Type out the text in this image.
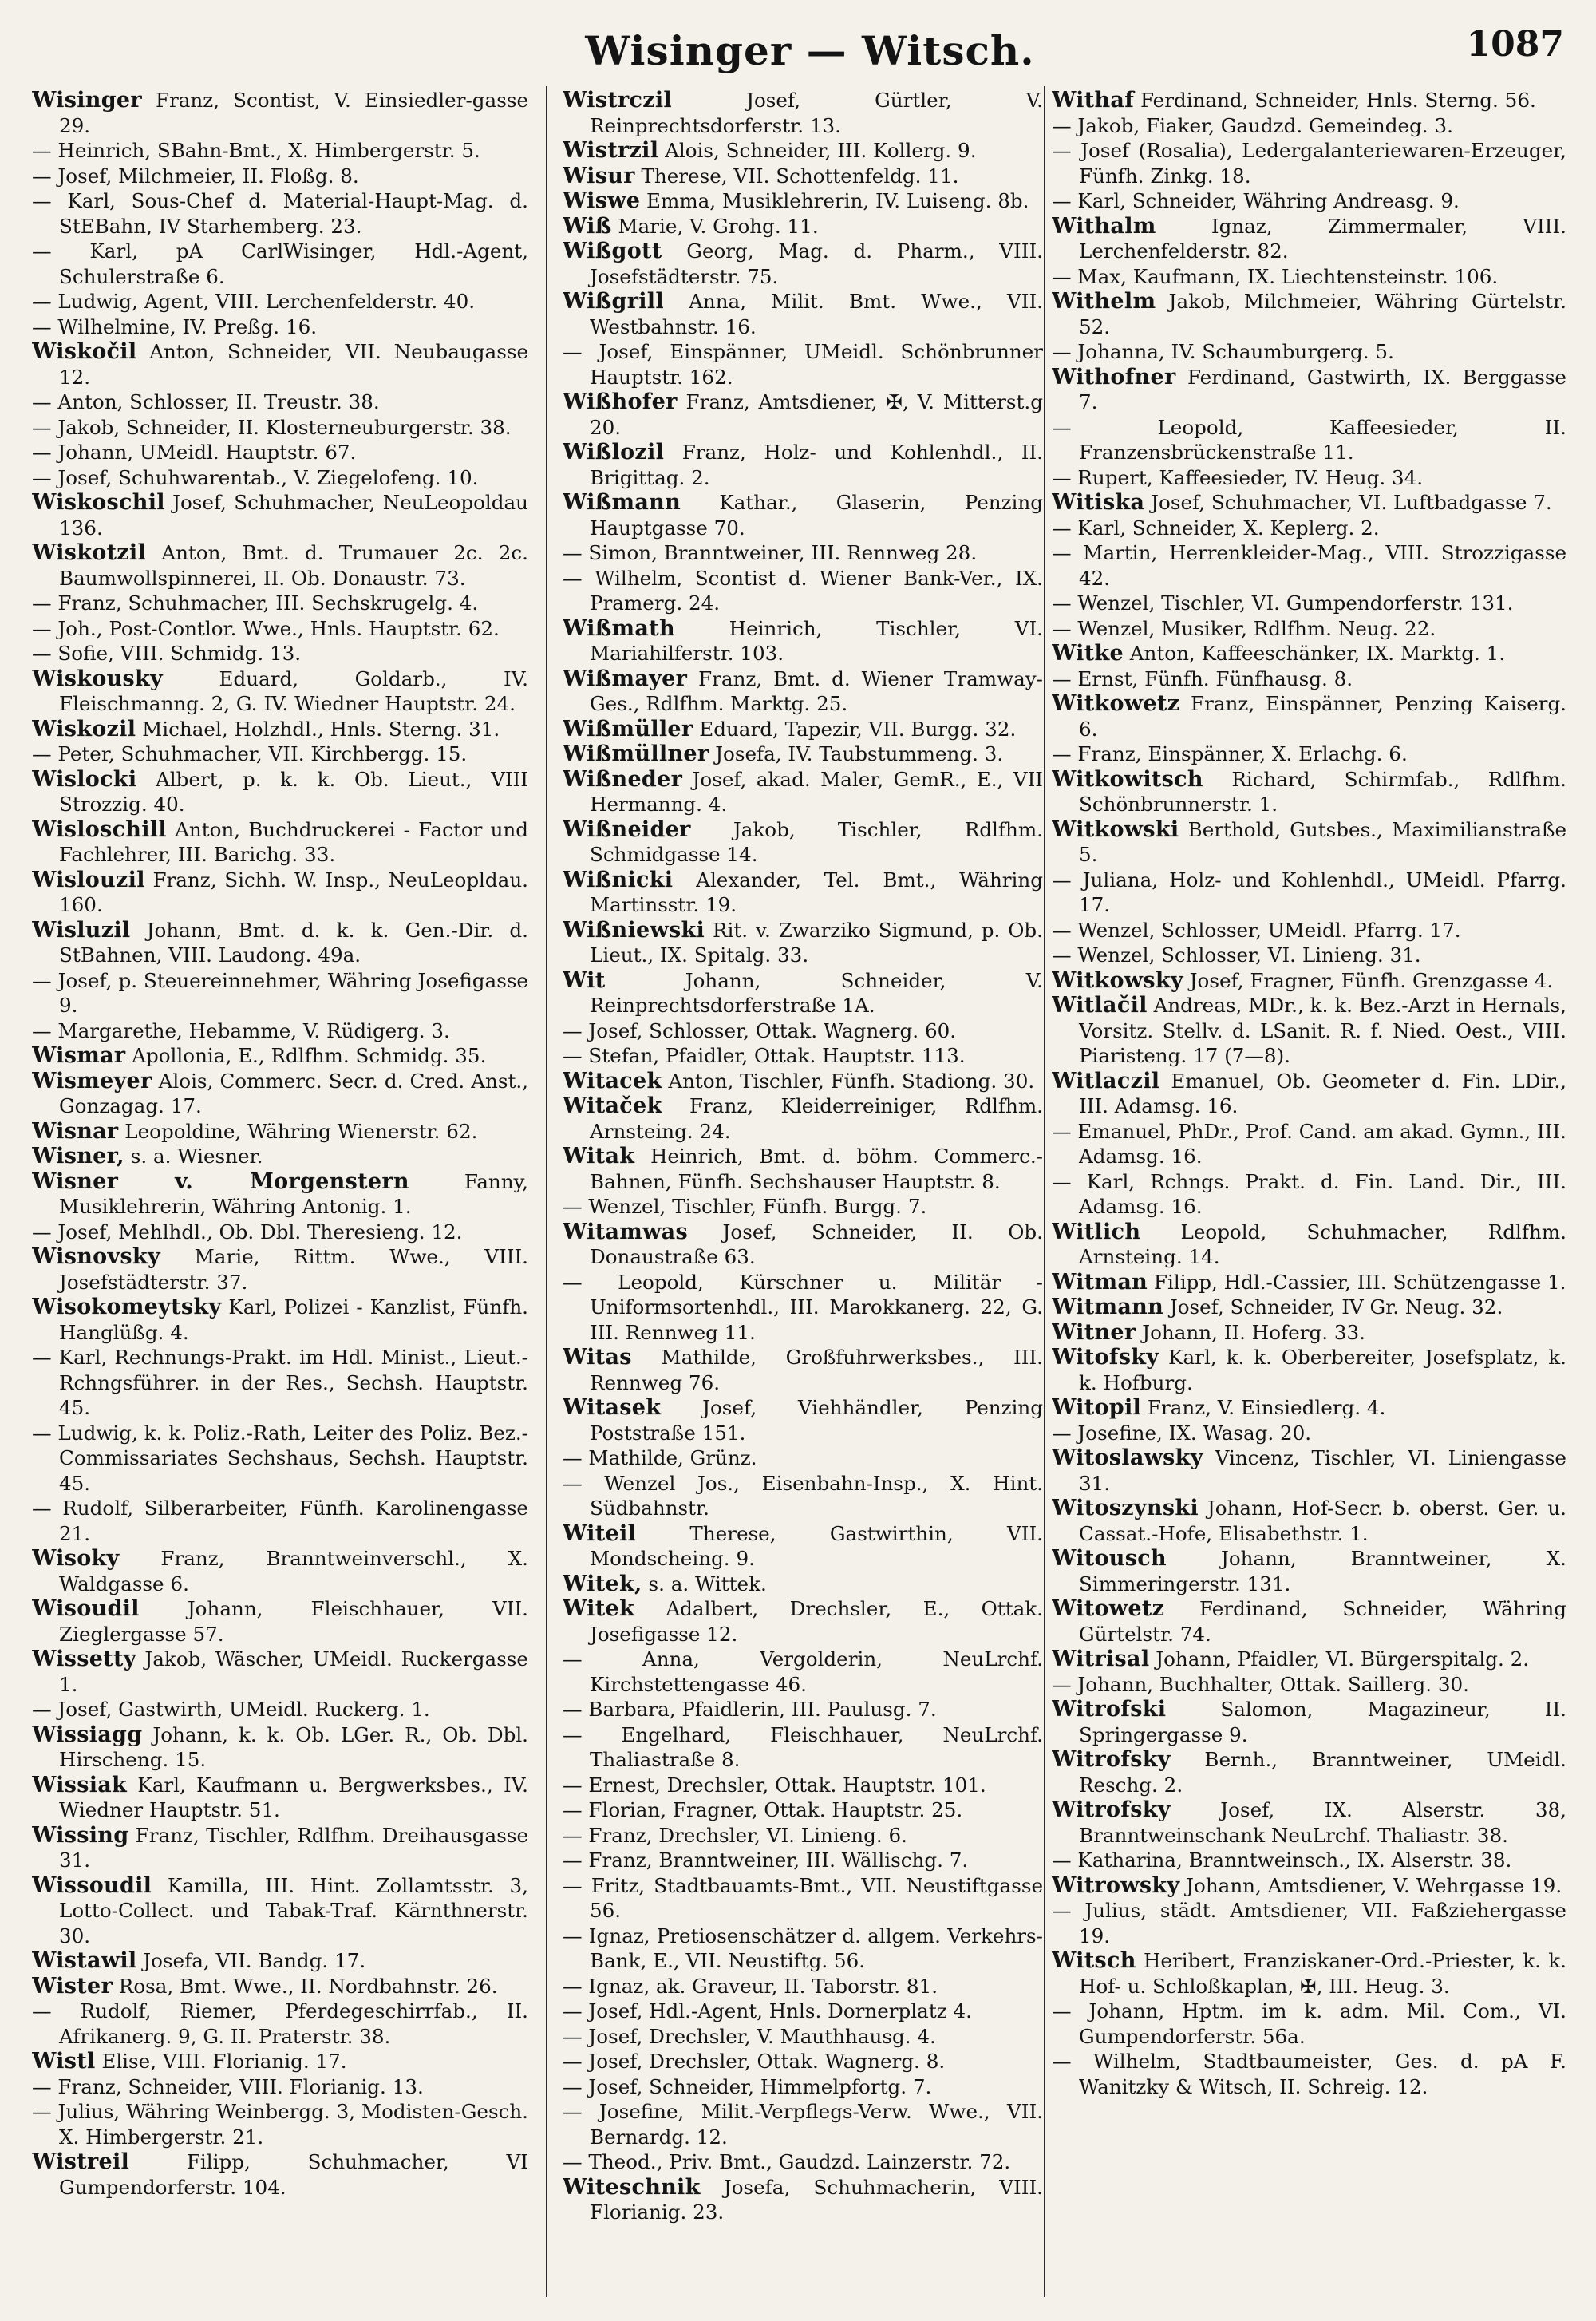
Wisinger — Witsch.	1087

Wisinger Franz, Scontist, V. Einsiedler-gasse 29.

— Heinrich, SBahn-Bmt., X. Himbergerstr. 5.

— Josef, Milchmeier, II. Floßg. 8.

— Karl, Sous-Chef d. Material-Haupt-Mag. d. StEBahn, IV Starhemberg. 23.

— Karl, pA CarlWisinger, Hdl.-Agent, Schulerstraße 6.

— Ludwig, Agent, VIII. Lerchenfelderstr. 40.

— Wilhelmine, IV. Preßg. 16.

Wiskočil Anton, Schneider, VII. Neubaugasse 12.

— Anton, Schlosser, II. Treustr. 38.

— Jakob, Schneider, II. Klosterneuburgerstr. 38.

— Johann, UMeidl. Hauptstr. 67.

— Josef, Schuhwarentab., V. Ziegelofeng. 10.

Wiskoschil Josef, Schuhmacher, NeuLeopoldau 136.

Wiskotzil Anton, Bmt. d. Trumauer 2c. 2c. Baumwollspinnerei, II. Ob. Donaustr. 73.

— Franz, Schuhmacher, III. Sechskrugelg. 4.

— Joh., Post-Contlor. Wwe., Hnls. Hauptstr. 62.

— Sofie, VIII. Schmidg. 13.

Wiskousky Eduard, Goldarb., IV. Fleischmanng. 2, G. IV. Wiedner Hauptstr. 24.

Wiskozil Michael, Holzhdl., Hnls. Sterng. 31.

— Peter, Schuhmacher, VII. Kirchbergg. 15.

Wislocki Albert, p. k. k. Ob. Lieut., VIII Strozzig. 40.

Wisloschill Anton, Buchdruckerei - Factor und Fachlehrer, III. Barichg. 33.

Wislouzil Franz, Sichh. W. Insp., NeuLeopldau. 160.

Wisluzil Johann, Bmt. d. k. k. Gen.-Dir. d. StBahnen, VIII. Laudong. 49a.

— Josef, p. Steuereinnehmer, Währing Josefigasse 9.

— Margarethe, Hebamme, V. Rüdigerg. 3.

Wismar Apollonia, E., Rdlfhm. Schmidg. 35.

Wismeyer Alois, Commerc. Secr. d. Cred. Anst., Gonzagag. 17.

Wisnar Leopoldine, Währing Wienerstr. 62.

Wisner, s. a. Wiesner.

Wisner v. Morgenstern Fanny, Musiklehrerin, Währing Antonig. 1.

— Josef, Mehlhdl., Ob. Dbl. Theresieng. 12.

Wisnovsky Marie, Rittm. Wwe., VIII. Josefstädterstr. 37.

Wisokomeytsky Karl, Polizei - Kanzlist, Fünfh. Hanglüßg. 4.

— Karl, Rechnungs-Prakt. im Hdl. Minist., Lieut.-Rchngsführer. in der Res., Sechsh. Hauptstr. 45.

— Ludwig, k. k. Poliz.-Rath, Leiter des Poliz. Bez.-Commissariates Sechshaus, Sechsh. Hauptstr. 45.

— Rudolf, Silberarbeiter, Fünfh. Karolinengasse 21.

Wisoky Franz, Branntweinverschl., X. Waldgasse 6.

Wisoudil Johann, Fleischhauer, VII. Zieglergasse 57.

Wissetty Jakob, Wäscher, UMeidl. Ruckergasse 1.

— Josef, Gastwirth, UMeidl. Ruckerg. 1.

Wissiagg Johann, k. k. Ob. LGer. R., Ob. Dbl. Hirscheng. 15.

Wissiak Karl, Kaufmann u. Bergwerksbes., IV. Wiedner Hauptstr. 51.

Wissing Franz, Tischler, Rdlfhm. Dreihausgasse 31.

Wissoudil Kamilla, III. Hint. Zollamtsstr. 3, Lotto-Collect. und Tabak-Traf. Kärnthnerstr. 30.

Wistawil Josefa, VII. Bandg. 17.

Wister Rosa, Bmt. Wwe., II. Nordbahnstr. 26.

— Rudolf, Riemer, Pferdegeschirrfab., II. Afrikanerg. 9, G. II. Praterstr. 38.

Wistl Elise, VIII. Florianig. 17.

— Franz, Schneider, VIII. Florianig. 13.

— Julius, Währing Weinbergg. 3, Modisten-Gesch. X. Himbergerstr. 21.

Wistreil Filipp, Schuhmacher, VI Gumpendorferstr. 104.

Wistrczil Josef, Gürtler, V. Reinprechtsdorferstr. 13.

Wistrzil Alois, Schneider, III. Kollerg. 9.

Wisur Therese, VII. Schottenfeldg. 11.

Wiswe Emma, Musiklehrerin, IV. Luiseng. 8b.

Wiß Marie, V. Grohg. 11.

Wißgott Georg, Mag. d. Pharm., VIII. Josefstädterstr. 75.

Wißgrill Anna, Milit. Bmt. Wwe., VII. Westbahnstr. 16.

— Josef, Einspänner, UMeidl. Schönbrunner Hauptstr. 162.

Wißhofer Franz, Amtsdiener, ✠, V. Mitterst.g 20.

Wißlozil Franz, Holz- und Kohlenhdl., II. Brigittag. 2.

Wißmann Kathar., Glaserin, Penzing Hauptgasse 70.

— Simon, Branntweiner, III. Rennweg 28.

— Wilhelm, Scontist d. Wiener Bank-Ver., IX. Pramerg. 24.

Wißmath Heinrich, Tischler, VI. Mariahilferstr. 103.

Wißmayer Franz, Bmt. d. Wiener Tramway-Ges., Rdlfhm. Marktg. 25.

Wißmüller Eduard, Tapezir, VII. Burgg. 32.

Wißmüllner Josefa, IV. Taubstummeng. 3.

Wißneder Josef, akad. Maler, GemR., E., VII Hermanng. 4.

Wißneider Jakob, Tischler, Rdlfhm. Schmidgasse 14.

Wißnicki Alexander, Tel. Bmt., Währing Martinsstr. 19.

Wißniewski Rit. v. Zwarziko Sigmund, p. Ob. Lieut., IX. Spitalg. 33.

Wit Johann, Schneider, V. Reinprechtsdorferstraße 1A.

— Josef, Schlosser, Ottak. Wagnerg. 60.

— Stefan, Pfaidler, Ottak. Hauptstr. 113.

Witacek Anton, Tischler, Fünfh. Stadiong. 30.

Witaček Franz, Kleiderreiniger, Rdlfhm. Arnsteing. 24.

Witak Heinrich, Bmt. d. böhm. Commerc.-Bahnen, Fünfh. Sechshauser Hauptstr. 8.

— Wenzel, Tischler, Fünfh. Burgg. 7.

Witamwas Josef, Schneider, II. Ob. Donaustraße 63.

— Leopold, Kürschner u. Militär - Uniformsortenhdl., III. Marokkanerg. 22, G. III. Rennweg 11.

Witas Mathilde, Großfuhrwerksbes., III. Rennweg 76.

Witasek Josef, Viehhändler, Penzing Poststraße 151.

— Mathilde, Grünz.

— Wenzel Jos., Eisenbahn-Insp., X. Hint. Südbahnstr.

Witeil Therese, Gastwirthin, VII. Mondscheing. 9.

Witek, s. a. Wittek.

Witek Adalbert, Drechsler, E., Ottak. Josefigasse 12.

— Anna, Vergolderin, NeuLrchf. Kirchstettengasse 46.

— Barbara, Pfaidlerin, III. Paulusg. 7.

— Engelhard, Fleischhauer, NeuLrchf. Thaliastraße 8.

— Ernest, Drechsler, Ottak. Hauptstr. 101.

— Florian, Fragner, Ottak. Hauptstr. 25.

— Franz, Drechsler, VI. Linieng. 6.

— Franz, Branntweiner, III. Wällischg. 7.

— Fritz, Stadtbauamts-Bmt., VII. Neustiftgasse 56.

— Ignaz, Pretiosenschätzer d. allgem. Verkehrs-Bank, E., VII. Neustiftg. 56.

— Ignaz, ak. Graveur, II. Taborstr. 81.

— Josef, Hdl.-Agent, Hnls. Dornerplatz 4.

— Josef, Drechsler, V. Mauthhausg. 4.

— Josef, Drechsler, Ottak. Wagnerg. 8.

— Josef, Schneider, Himmelpfortg. 7.

— Josefine, Milit.-Verpflegs-Verw. Wwe., VII. Bernardg. 12.

— Theod., Priv. Bmt., Gaudzd. Lainzerstr. 72.

Witeschnik Josefa, Schuhmacherin, VIII. Florianig. 23.

Withaf Ferdinand, Schneider, Hnls. Sterng. 56.

— Jakob, Fiaker, Gaudzd. Gemeindeg. 3.

— Josef (Rosalia), Ledergalanteriewaren-Erzeuger, Fünfh. Zinkg. 18.

— Karl, Schneider, Währing Andreasg. 9.

Withalm Ignaz, Zimmermaler, VIII. Lerchenfelderstr. 82.

— Max, Kaufmann, IX. Liechtensteinstr. 106.

Withelm Jakob, Milchmeier, Währing Gürtelstr. 52.

— Johanna, IV. Schaumburgerg. 5.

Withofner Ferdinand, Gastwirth, IX. Berggasse 7.

— Leopold, Kaffeesieder, II. Franzensbrückenstraße 11.

— Rupert, Kaffeesieder, IV. Heug. 34.

Witiska Josef, Schuhmacher, VI. Luftbadgasse 7.

— Karl, Schneider, X. Keplerg. 2.

— Martin, Herrenkleider-Mag., VIII. Strozzigasse 42.

— Wenzel, Tischler, VI. Gumpendorferstr. 131.

— Wenzel, Musiker, Rdlfhm. Neug. 22.

Witke Anton, Kaffeeschänker, IX. Marktg. 1.

— Ernst, Fünfh. Fünfhausg. 8.

Witkowetz Franz, Einspänner, Penzing Kaiserg. 6.

— Franz, Einspänner, X. Erlachg. 6.

Witkowitsch Richard, Schirmfab., Rdlfhm. Schönbrunnerstr. 1.

Witkowski Berthold, Gutsbes., Maximilianstraße 5.

— Juliana, Holz- und Kohlenhdl., UMeidl. Pfarrg. 17.

— Wenzel, Schlosser, UMeidl. Pfarrg. 17.

— Wenzel, Schlosser, VI. Linieng. 31.

Witkowsky Josef, Fragner, Fünfh. Grenzgasse 4.

Witlačil Andreas, MDr., k. k. Bez.-Arzt in Hernals, Vorsitz. Stellv. d. LSanit. R. f. Nied. Oest., VIII. Piaristeng. 17 (7—8).

Witlaczil Emanuel, Ob. Geometer d. Fin. LDir., III. Adamsg. 16.

— Emanuel, PhDr., Prof. Cand. am akad. Gymn., III. Adamsg. 16.

— Karl, Rchngs. Prakt. d. Fin. Land. Dir., III. Adamsg. 16.

Witlich Leopold, Schuhmacher, Rdlfhm. Arnsteing. 14.

Witman Filipp, Hdl.-Cassier, III. Schützengasse 1.

Witmann Josef, Schneider, IV Gr. Neug. 32.

Witner Johann, II. Hoferg. 33.

Witofsky Karl, k. k. Oberbereiter, Josefsplatz, k. k. Hofburg.

Witopil Franz, V. Einsiedlerg. 4.

— Josefine, IX. Wasag. 20.

Witoslawsky Vincenz, Tischler, VI. Liniengasse 31.

Witoszynski Johann, Hof-Secr. b. oberst. Ger. u. Cassat.-Hofe, Elisabethstr. 1.

Witousch Johann, Branntweiner, X. Simmeringerstr. 131.

Witowetz Ferdinand, Schneider, Währing Gürtelstr. 74.

Witrisal Johann, Pfaidler, VI. Bürgerspitalg. 2.

— Johann, Buchhalter, Ottak. Saillerg. 30.

Witrofski Salomon, Magazineur, II. Springergasse 9.

Witrofsky Bernh., Branntweiner, UMeidl. Reschg. 2.

Witrofsky Josef, IX. Alserstr. 38, Branntweinschank NeuLrchf. Thaliastr. 38.

— Katharina, Branntweinsch., IX. Alserstr. 38.

Witrowsky Johann, Amtsdiener, V. Wehrgasse 19.

— Julius, städt. Amtsdiener, VII. Faßziehergasse 19.

Witsch Heribert, Franziskaner-Ord.-Priester, k. k. Hof- u. Schloßkaplan, ✠, III. Heug. 3.

— Johann, Hptm. im k. adm. Mil. Com., VI. Gumpendorferstr. 56a.

— Wilhelm, Stadtbaumeister, Ges. d. pA F. Wanitzky & Witsch, II. Schreig. 12.
